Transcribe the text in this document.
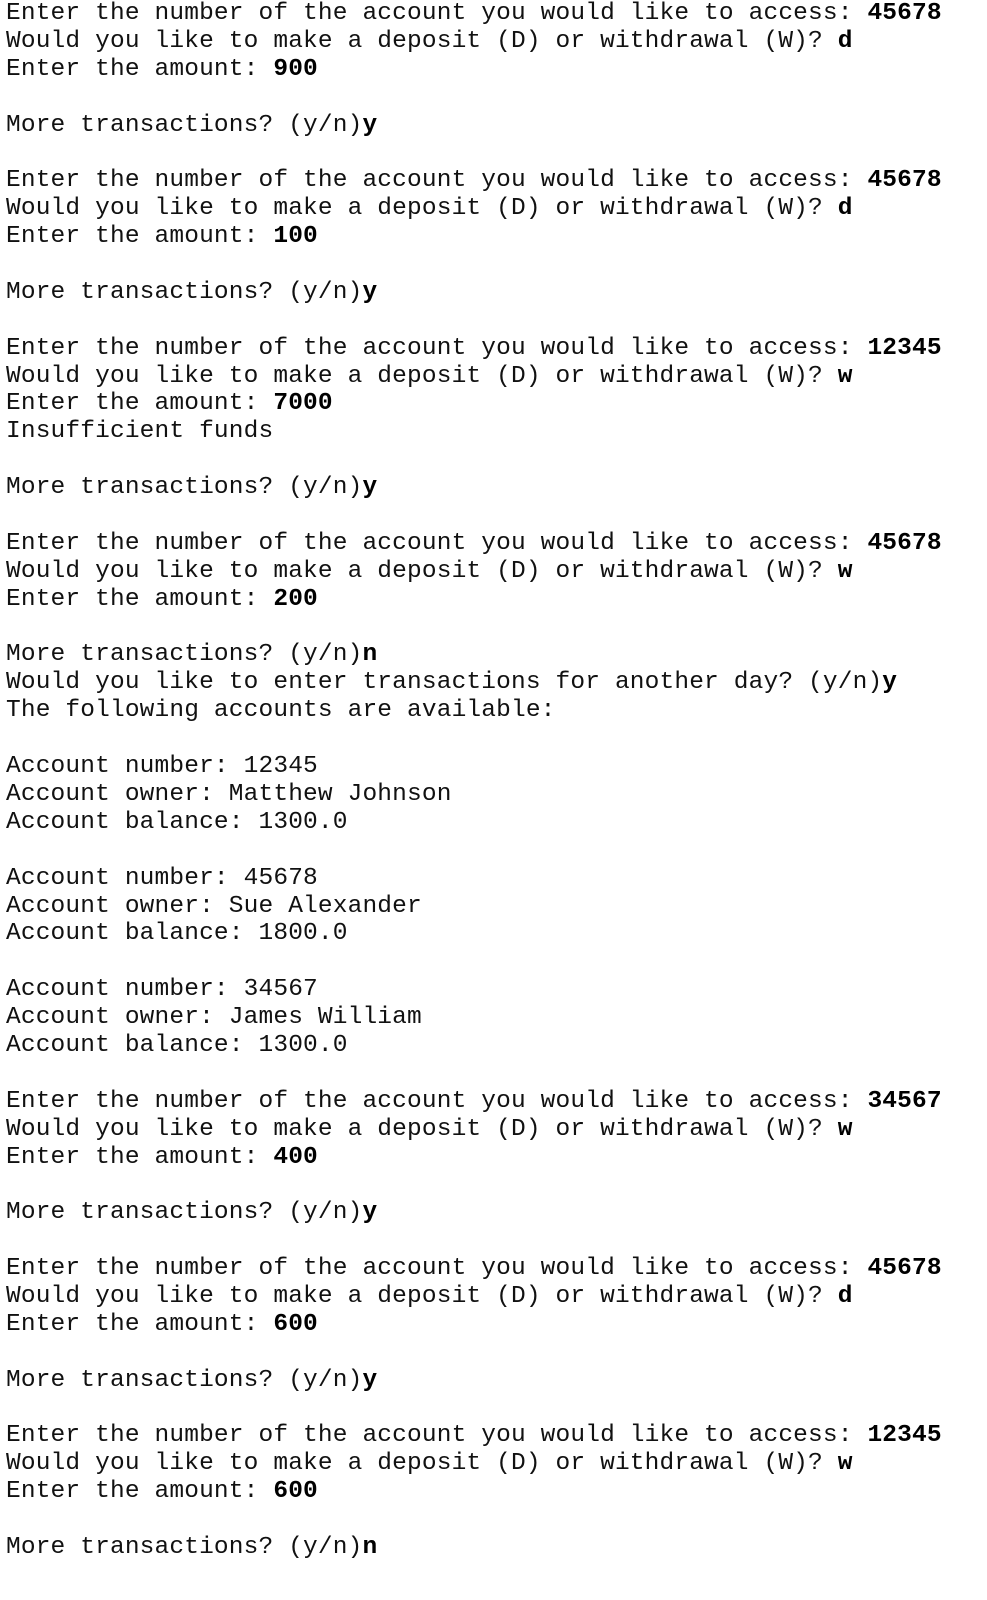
Enter the number of the account you would like to access: 45678
Would you like to make a deposit (D) or withdrawal (W)? d
Enter the amount: 900
More transactions? (y/n)y
Enter the number of the account you would like to access: 45678
Would you like to make a deposit (D) or withdrawal (W)? d
Enter the amount: 100
More transactions? (y/n)y
Enter the number of the account you would like to access: 12345
Would you like to make a deposit (D) or withdrawal (W)? w
Enter the amount: 7000
Insufficient funds
More transactions? (y/n)y
Enter the number of the account you would like to access: 45678
Would you like to make a deposit (D) or withdrawal (W)? w
Enter the amount: 200
More transactions? (y/n)n
Would you like to enter transactions for another day? (y/n)y
The following accounts are available:
Account number: 12345
Account owner: Matthew Johnson
Account balance: 1300.0
Account number: 45678
Account owner: Sue Alexander
Account balance: 1800.0
Account number: 34567
Account owner: James William
Account balance: 1300.0
Enter the number of the account you would like to access: 34567
Would you like to make a deposit (D) or withdrawal (W)? w
Enter the amount: 400
More transactions? (y/n)y
Enter the number of the account you would like to access: 45678
Would you like to make a deposit (D) or withdrawal (W)? d
Enter the amount: 600
More transactions? (y/n)y
Enter the number of the account you would like to access: 12345
Would you like to make a deposit (D) or withdrawal (W)? w
Enter the amount: 600
More transactions? (y/n)n
